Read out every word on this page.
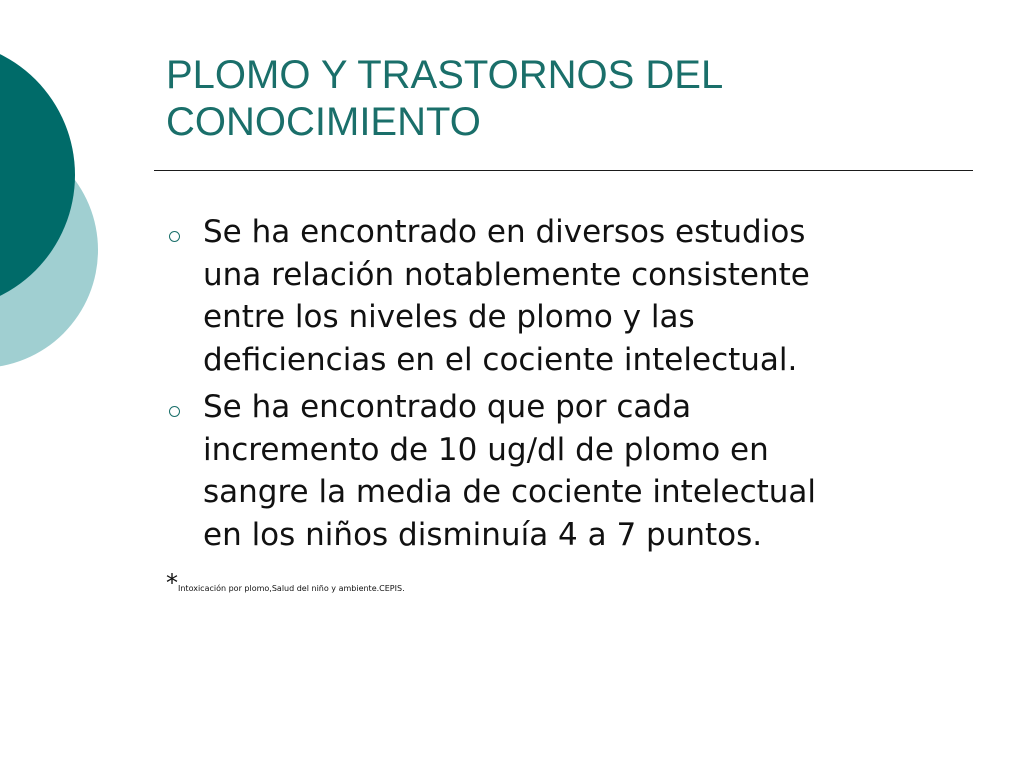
PLOMO Y TRASTORNOS DEL
CONOCIMIENTO
Se ha encontrado en diversos estudios
una relación notablemente consistente
entre los niveles de plomo y las
deficiencias en el cociente intelectual.
Se ha encontrado que por cada
incremento de 10 ug/dl de plomo en
sangre la media de cociente intelectual
en los niños disminuía 4 a 7 puntos.
*Intoxicación por plomo,Salud del niño y ambiente.CEPIS.
